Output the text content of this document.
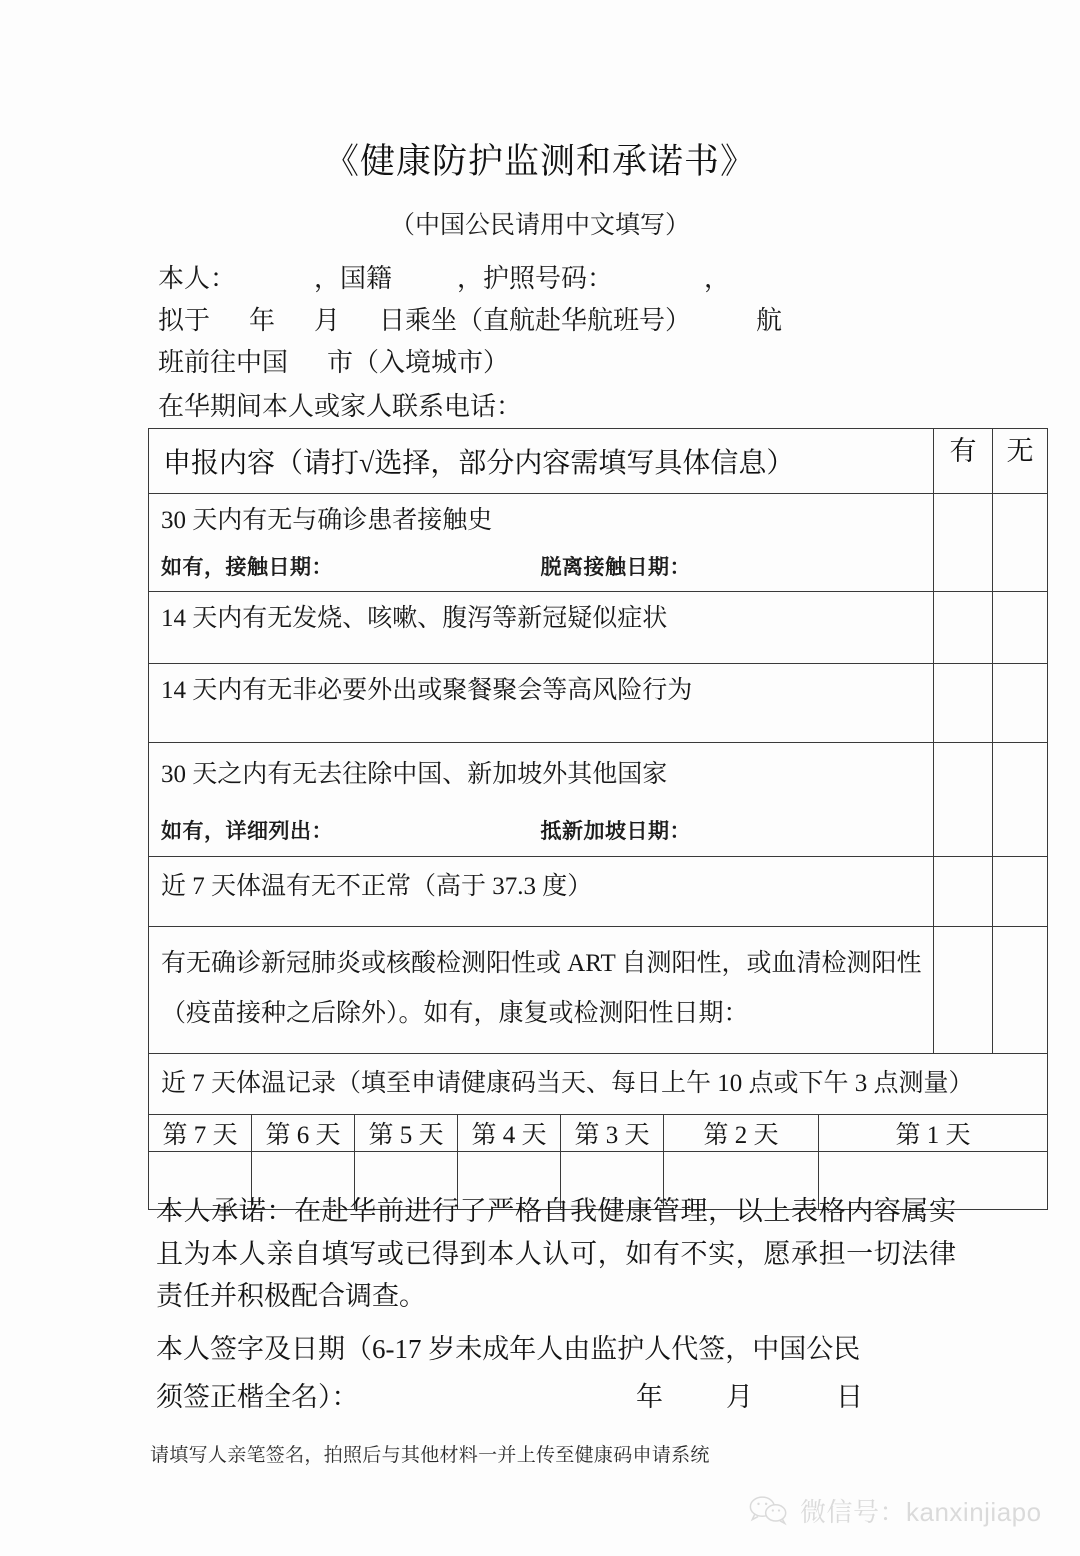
《健康防护监测和承诺书》
（中国公民请用中文填写）
本人：            ，国籍          ，护照号码：              ，
拟于      年      月      日乘坐（直航赴华航班号）          航
班前往中国      市（入境城市）
在华期间本人或家人联系电话：
申报内容（请打√选择，部分内容需填写具体信息）							有	无

30 天内有无与确诊患者接触史
如有，接触日期： 脱离接触日期：								

14 天内有无发烧、咳嗽、腹泻等新冠疑似症状								

14 天内有无非必要外出或聚餐聚会等高风险行为								

30 天之内有无去往除中国、新加坡外其他国家
如有，详细列出： 抵新加坡日期：								

近 7 天体温有无不正常（高于 37.3 度）								

有无确诊新冠肺炎或核酸检测阳性或 ART 自测阳性，或血清检测阳性（疫苗接种之后除外）。如有，康复或检测阳性日期：								

近 7 天体温记录（填至申请健康码当天、每日上午 10 点或下午 3 点测量）								

第 7 天	第 6 天	第 5 天	第 4 天	第 3 天	第 2 天	第 1 天		

本人承诺：在赴华前进行了严格自我健康管理，以上表格内容属实且为本人亲自填写或已得到本人认可，如有不实，愿承担一切法律责任并积极配合调查。
本人签字及日期（6-17 岁未成年人由监护人代签，中国公民
须签正楷全名）：	年 月	日
请填写人亲笔签名，拍照后与其他材料一并上传至健康码申请系统
微信号：kanxinjiapo
